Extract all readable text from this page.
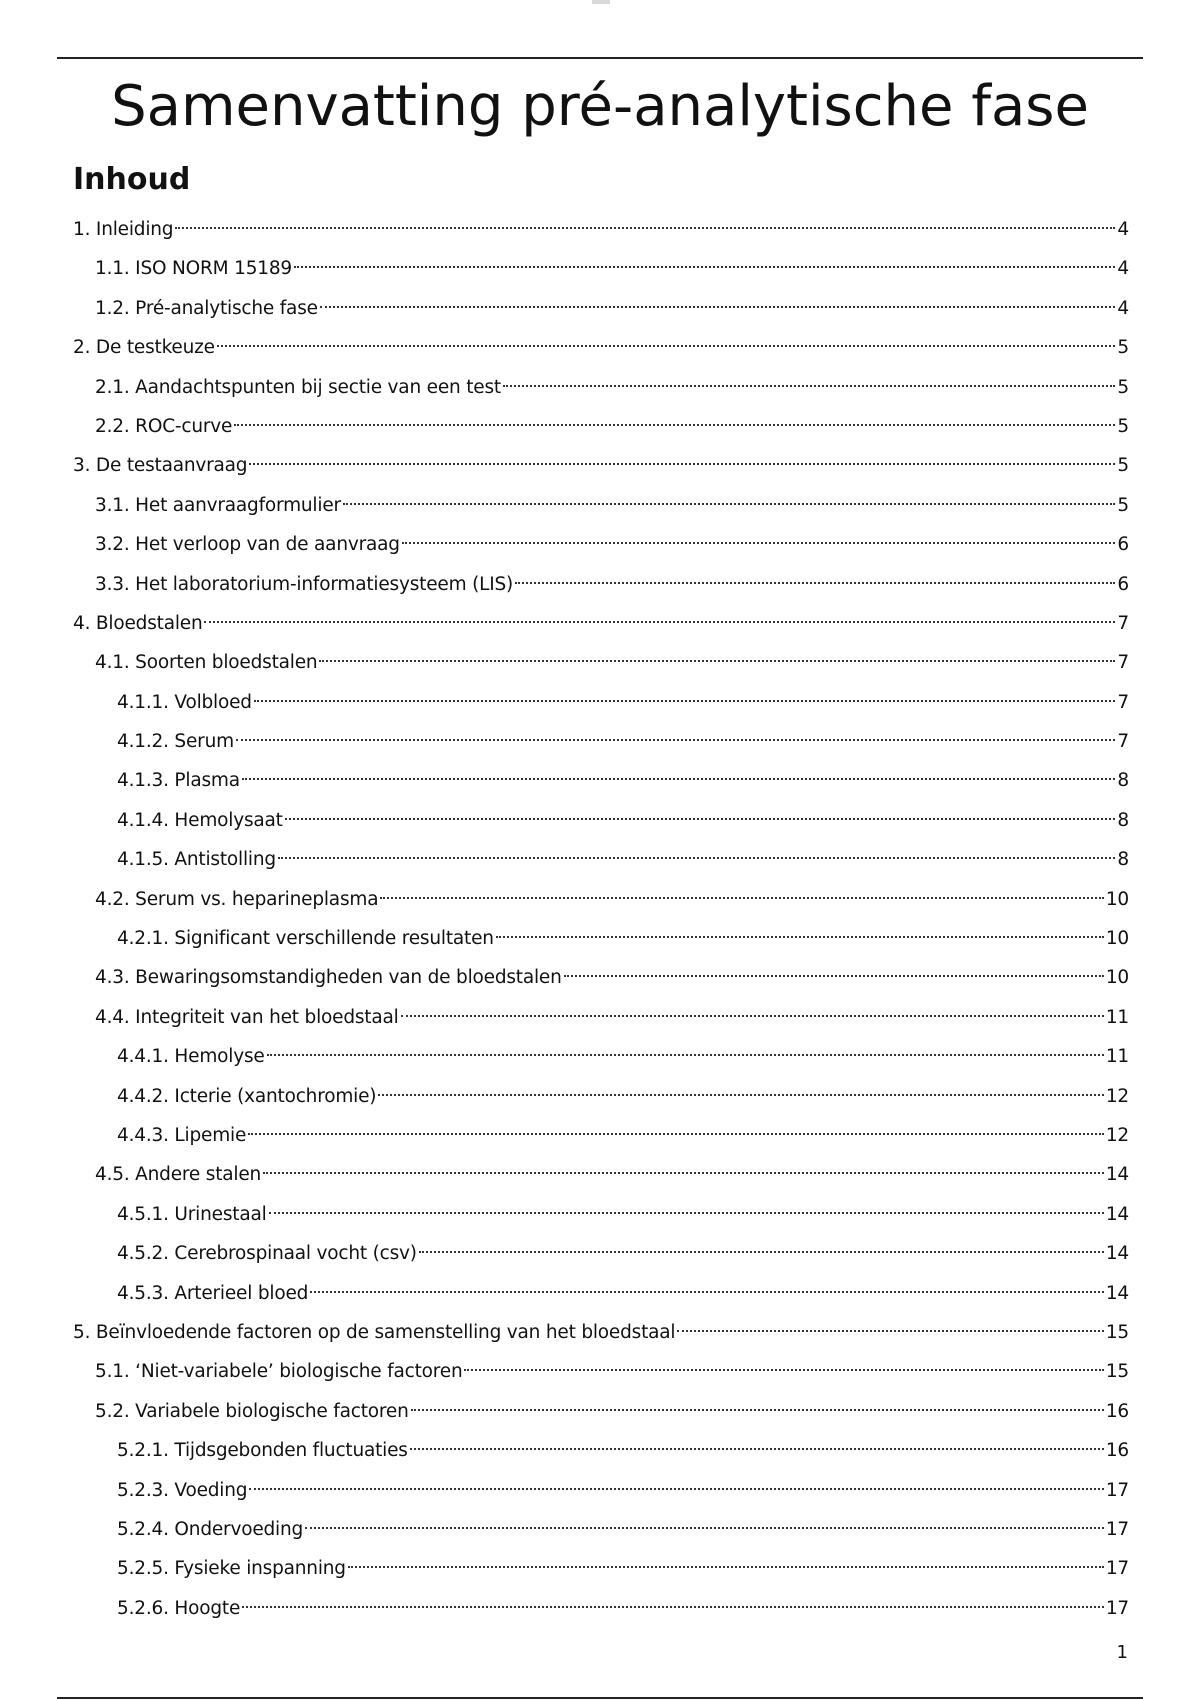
Samenvatting pré-analytische fase
Inhoud
1. Inleiding	4
1.1. ISO NORM 15189	4
1.2. Pré-analytische fase	4
2. De testkeuze	5
2.1. Aandachtspunten bij sectie van een test	5
2.2. ROC-curve	5
3. De testaanvraag	5
3.1. Het aanvraagformulier	5
3.2. Het verloop van de aanvraag	6
3.3. Het laboratorium-informatiesysteem (LIS)	6
4. Bloedstalen	7
4.1. Soorten bloedstalen	7
4.1.1. Volbloed	7
4.1.2. Serum	7
4.1.3. Plasma	8
4.1.4. Hemolysaat	8
4.1.5. Antistolling	8
4.2. Serum vs. heparineplasma	10
4.2.1. Significant verschillende resultaten	10
4.3. Bewaringsomstandigheden van de bloedstalen	10
4.4. Integriteit van het bloedstaal	11
4.4.1. Hemolyse	11
4.4.2. Icterie (xantochromie)	12
4.4.3. Lipemie	12
4.5. Andere stalen	14
4.5.1. Urinestaal	14
4.5.2. Cerebrospinaal vocht (csv)	14
4.5.3. Arterieel bloed	14
5. Beïnvloedende factoren op de samenstelling van het bloedstaal	15
5.1. ‘Niet-variabele’ biologische factoren	15
5.2. Variabele biologische factoren	16
5.2.1. Tijdsgebonden fluctuaties	16
5.2.3. Voeding	17
5.2.4. Ondervoeding	17
5.2.5. Fysieke inspanning	17
5.2.6. Hoogte	17
1
